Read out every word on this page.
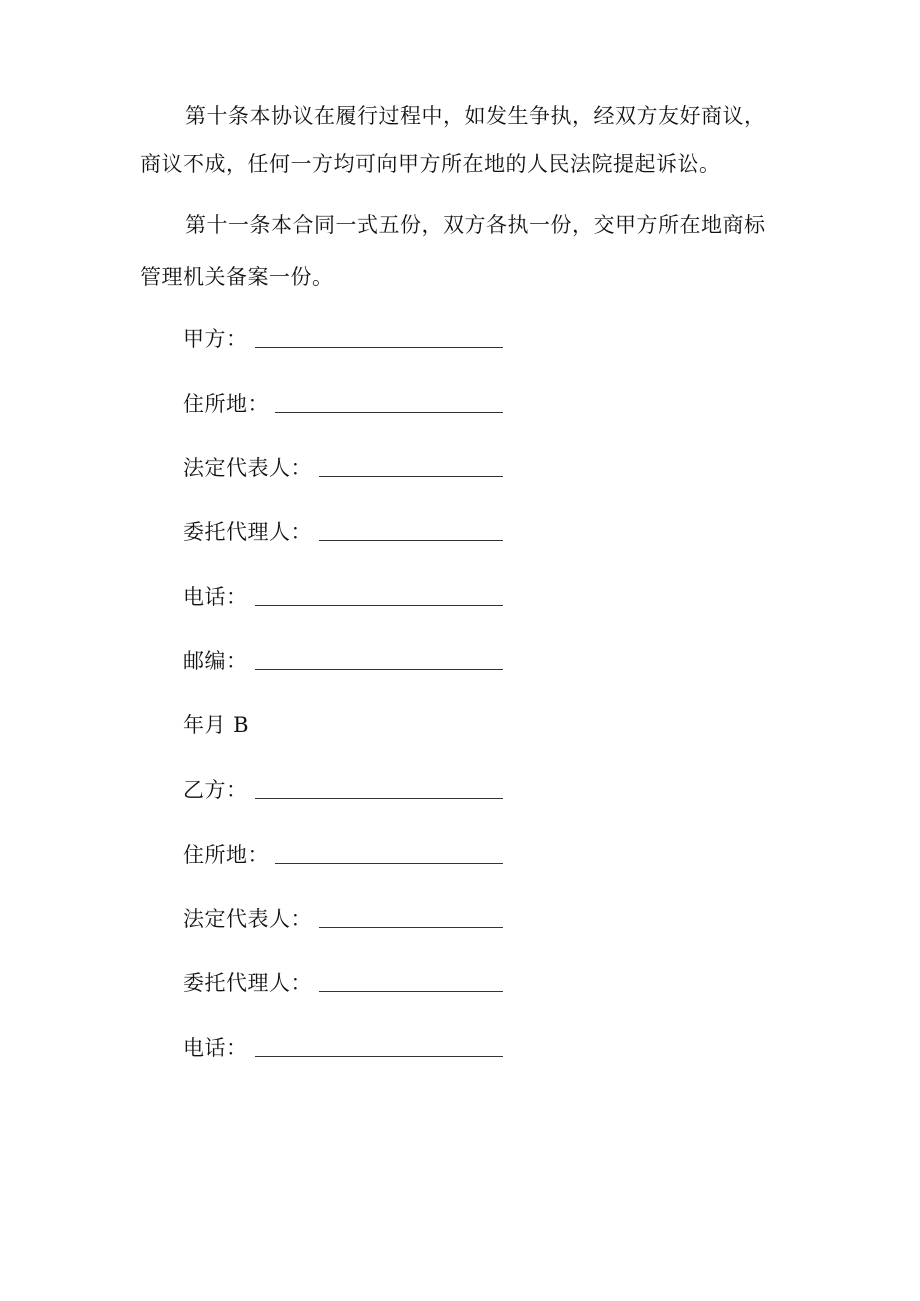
第十条本协议在履行过程中，如发生争执，经双方友好商议，
商议不成，任何一方均可向甲方所在地的人民法院提起诉讼。
第十一条本合同一式五份，双方各执一份，交甲方所在地商标
管理机关备案一份。
甲方：
住所地：
法定代表人：
委托代理人：
电话：
邮编：
年月 B
乙方：
住所地：
法定代表人：
委托代理人：
电话：
